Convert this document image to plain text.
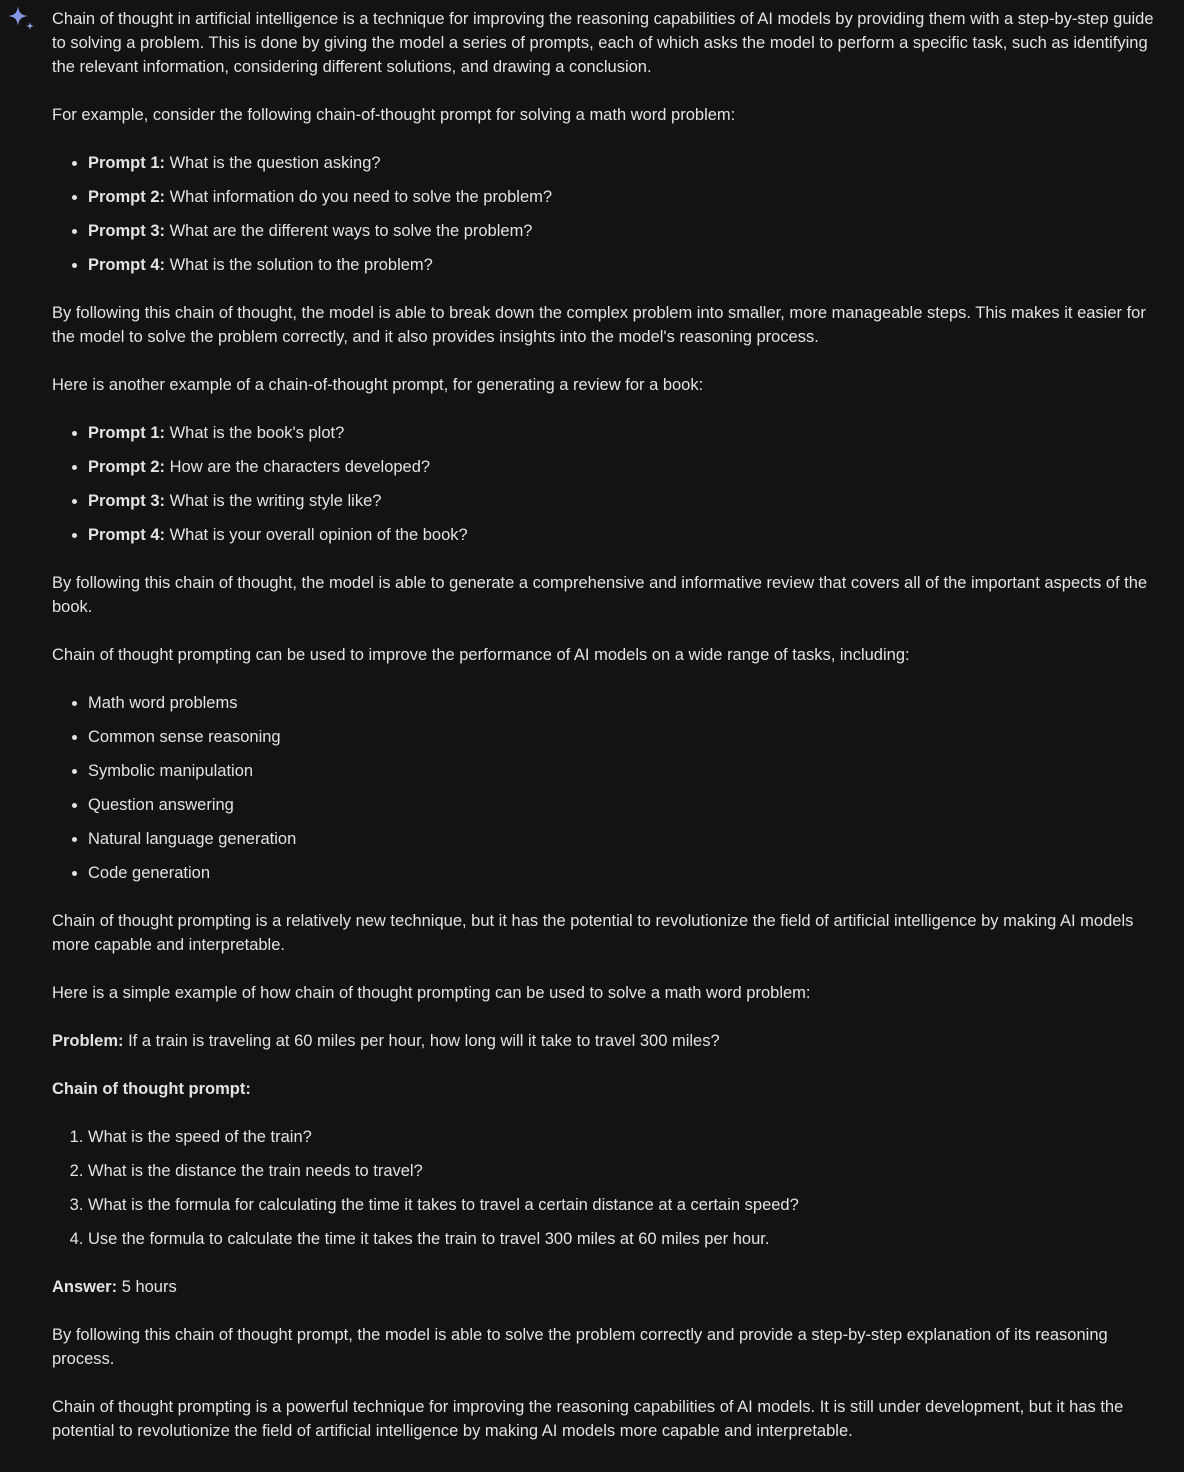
Chain of thought in artificial intelligence is a technique for improving the reasoning capabilities of AI models by providing them with a step-by-step guide to solving a problem. This is done by giving the model a series of prompts, each of which asks the model to perform a specific task, such as identifying the relevant information, considering different solutions, and drawing a conclusion.

For example, consider the following chain-of-thought prompt for solving a math word problem:

• Prompt 1: What is the question asking?
• Prompt 2: What information do you need to solve the problem?
• Prompt 3: What are the different ways to solve the problem?
• Prompt 4: What is the solution to the problem?

By following this chain of thought, the model is able to break down the complex problem into smaller, more manageable steps. This makes it easier for the model to solve the problem correctly, and it also provides insights into the model's reasoning process.

Here is another example of a chain-of-thought prompt, for generating a review for a book:

• Prompt 1: What is the book's plot?
• Prompt 2: How are the characters developed?
• Prompt 3: What is the writing style like?
• Prompt 4: What is your overall opinion of the book?

By following this chain of thought, the model is able to generate a comprehensive and informative review that covers all of the important aspects of the book.

Chain of thought prompting can be used to improve the performance of AI models on a wide range of tasks, including:

• Math word problems
• Common sense reasoning
• Symbolic manipulation
• Question answering
• Natural language generation
• Code generation

Chain of thought prompting is a relatively new technique, but it has the potential to revolutionize the field of artificial intelligence by making AI models more capable and interpretable.

Here is a simple example of how chain of thought prompting can be used to solve a math word problem:

Problem: If a train is traveling at 60 miles per hour, how long will it take to travel 300 miles?

Chain of thought prompt:

1. What is the speed of the train?
2. What is the distance the train needs to travel?
3. What is the formula for calculating the time it takes to travel a certain distance at a certain speed?
4. Use the formula to calculate the time it takes the train to travel 300 miles at 60 miles per hour.

Answer: 5 hours

By following this chain of thought prompt, the model is able to solve the problem correctly and provide a step-by-step explanation of its reasoning process.

Chain of thought prompting is a powerful technique for improving the reasoning capabilities of AI models. It is still under development, but it has the potential to revolutionize the field of artificial intelligence by making AI models more capable and interpretable.
